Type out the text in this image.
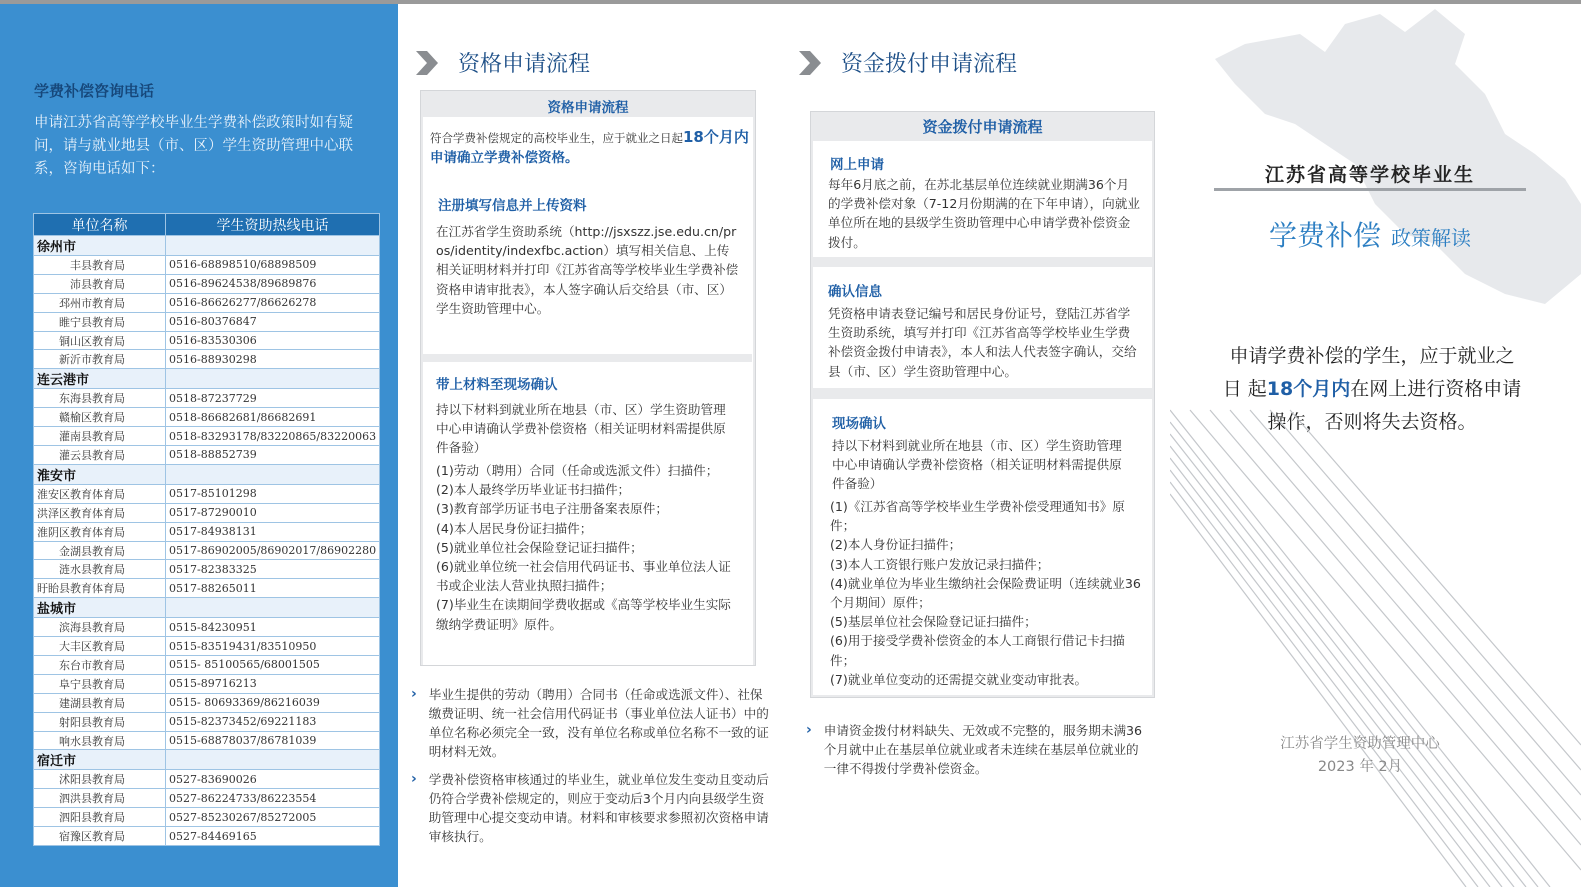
学费补偿咨询电话
申请江苏省高等学校毕业生学费补偿政策时如有疑问，请与就业地县（市、区）学生资助管理中心联系，咨询电话如下：
单位名称	学生资助热线电话
徐州市	
丰县教育局	0516-68898510/68898509
沛县教育局	0516-89624538/89689876
邳州市教育局	0516-86626277/86626278
睢宁县教育局	0516-80376847
铜山区教育局	0516-83530306
新沂市教育局	0516-88930298
连云港市	
东海县教育局	0518-87237729
赣榆区教育局	0518-86682681/86682691
灌南县教育局	0518-83293178/83220865/83220063
灌云县教育局	0518-88852739
淮安市	
淮安区教育体育局	0517-85101298
洪泽区教育体育局	0517-87290010
淮阴区教育体育局	0517-84938131
金湖县教育局	0517-86902005/86902017/86902280
涟水县教育局	0517-82383325
盱眙县教育体育局	0517-88265011
盐城市	
滨海县教育局	0515-84230951
大丰区教育局	0515-83519431/83510950
东台市教育局	0515- 85100565/68001505
阜宁县教育局	0515-89716213
建湖县教育局	0515- 80693369/86216039
射阳县教育局	0515-82373452/69221183
响水县教育局	0515-68878037/86781039
宿迁市	
沭阳县教育局	0527-83690026
泗洪县教育局	0527-86224733/86223554
泗阳县教育局	0527-85230267/85272005
宿豫区教育局	0527-84469165
资格申请流程
资格申请流程
符合学费补偿规定的高校毕业生，应于就业之日起18个月内
申请确立学费补偿资格。
注册填写信息并上传资料
在江苏省学生资助系统（http://jsxszz.jse.edu.cn/pros/identity/indexfbc.action）填写相关信息、上传相关证明材料并打印《江苏省高等学校毕业生学费补偿资格申请审批表》，本人签字确认后交给县（市、区）学生资助管理中心。
带上材料至现场确认
持以下材料到就业所在地县（市、区）学生资助管理中心申请确认学费补偿资格（相关证明材料需提供原件备验）
(1)劳动（聘用）合同（任命或选派文件）扫描件；
(2)本人最终学历毕业证书扫描件；
(3)教育部学历证书电子注册备案表原件；
(4)本人居民身份证扫描件；
(5)就业单位社会保险登记证扫描件；
(6)就业单位统一社会信用代码证书、事业单位法人证书或企业法人营业执照扫描件；
(7)毕业生在读期间学费收据或《高等学校毕业生实际缴纳学费证明》原件。
› 毕业生提供的劳动（聘用）合同书（任命或选派文件）、社保缴费证明、统一社会信用代码证书（事业单位法人证书）中的单位名称必须完全一致，没有单位名称或单位名称不一致的证明材料无效。
› 学费补偿资格审核通过的毕业生，就业单位发生变动且变动后仍符合学费补偿规定的，则应于变动后3个月内向县级学生资助管理中心提交变动申请。材料和审核要求参照初次资格申请审核执行。
资金拨付申请流程
资金拨付申请流程
网上申请
每年6月底之前，在苏北基层单位连续就业期满36个月的学费补偿对象（7-12月份期满的在下年申请），向就业单位所在地的县级学生资助管理中心申请学费补偿资金拨付。
确认信息
凭资格申请表登记编号和居民身份证号，登陆江苏省学生资助系统，填写并打印《江苏省高等学校毕业生学费补偿资金拨付申请表》，本人和法人代表签字确认，交给县（市、区）学生资助管理中心。
现场确认
持以下材料到就业所在地县（市、区）学生资助管理中心申请确认学费补偿资格（相关证明材料需提供原件备验）
(1)《江苏省高等学校毕业生学费补偿受理通知书》原件；
(2)本人身份证扫描件；
(3)本人工资银行账户发放记录扫描件；
(4)就业单位为毕业生缴纳社会保险费证明（连续就业36个月期间）原件；
(5)基层单位社会保险登记证扫描件；
(6)用于接受学费补偿资金的本人工商银行借记卡扫描件；
(7)就业单位变动的还需提交就业变动审批表。
› 申请资金拨付材料缺失、无效或不完整的，服务期未满36个月就中止在基层单位就业或者未连续在基层单位就业的一律不得拨付学费补偿资金。
江苏省高等学校毕业生
学费补偿 政策解读
申请学费补偿的学生，应于就业之日 起18个月内在网上进行资格申请操作，否则将失去资格。
江苏省学生资助管理中心
2023 年 2月
